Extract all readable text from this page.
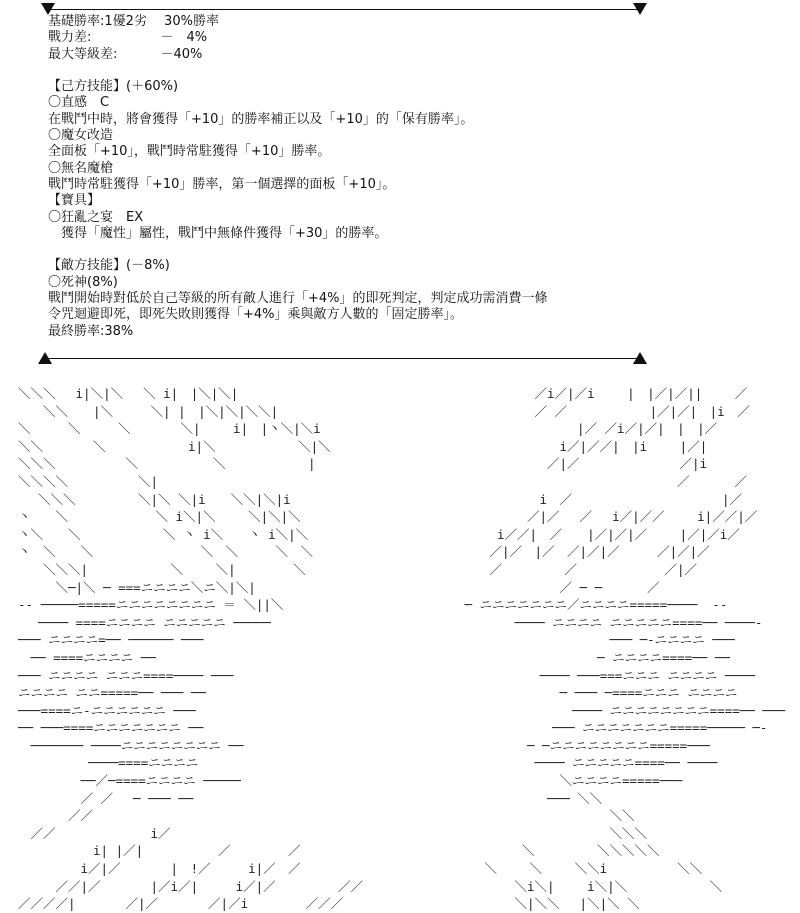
基礎勝率:1優2劣　 30%勝率
戰力差:　　　　　 －　4%
最大等級差:　　　 －40%
【己方技能】(＋60%)
〇直感　C
在戰鬥中時，將會獲得「+10」的勝率補正以及「+10」的「保有勝率」。
〇魔女改造
全面板「+10」，戰鬥時常駐獲得「+10」勝率。
〇無名魔槍
戰鬥時常駐獲得「+10」勝率，第一個選擇的面板「+10」。
【寶具】
〇狂亂之宴　EX
　獲得「魔性」屬性，戰鬥中無條件獲得「+30」的勝率。
【敵方技能】(－8%)
〇死神(8%)
戰鬥開始時對低於自己等級的所有敵人進行「+4%」的即死判定，判定成功需消費一條
令咒迴避即死，即死失敗則獲得「+4%」乘與敵方人數的「固定勝率」。
最終勝率:38%
＼＼＼　 i|＼|＼　 ＼ i|　|＼|＼|
　　＼＼　　|＼　　　＼| |　|＼|＼|＼＼|
＼　　　＼　　　＼　　　　＼|　　 i|　|丶＼|＼i
＼＼　　　　＼　　　　　　 i|＼　　　　　　 ＼|＼
＼＼＼　　　　　 ＼　　　　　　＼　　　　　　 |
＼＼＼＼　　　　　 ＼|
　 ＼＼＼　　　　　＼|＼ ＼|i　　＼＼|＼|i
丶　　＼　　　　　　　＼ i＼|＼　　 ＼|＼|＼
丶＼　　＼　　　　　　 ＼ 丶 i＼　　丶 i＼|＼
丶　＼　　＼　　　　　　　　 ＼　＼　　　＼　＼
　　＼＼＼|　　　　　　 ＼　　 ＼|　　　　 ＼
　　　＼─|＼ ─ ===ニニニニ＼ニ＼|＼|
-- ─────=====ニニニニニニニニ ＝ ＼||＼
　 ──── ====ニニニニ ニニニニニ ─────
─── ニニニニ=── ────── ───
　── ====ニニニニ ──
─── ニニニニ ニニニ====──── ───
ニニニニ ニニ=====── ─── ──
───====ニ-ニニニニニニ ───
── ───====ニニニニニニニ ──
　─────── ────ニニニニニニニニ ──
　　　　　 ────====ニニニニ
　　　　　──／─====ニニニニ ─────
　　　　　／ ／ 　─ ─── ──
　　　　／／
　／／　　　　　　　 i／
　　　　　　i| |／|　　　　　　／　　　　 ／
　　　　　i／|／　　　　|　!／　　　i|／　／
　　　／／|／　　　　|／i／|　　　i／|／　　　　　／／
／／／／|　　　　／|／　　　　／|／i　　　　 ／／／
　　　　　　 ／i／|／i　　 |　|／|／||　　 ／
　　　　　　 ／ ／　　　　　　 |／|／|　|i　／
　　　　　　　　　　|／ ／i／|／|　|　|／
　　　　　　　　 i／|／／|　|i　　 |／|
　　　　　　　 ／|／　　　　　　　　／|i
　　　　　　　　　　　　　　　　　　／　　　 ／
　　　　　　　i　／　　　　　　　　　　　　|／
　　　　　　／|／ 　／　 i／|／／　　 i|／／|／
　　　 i／／|　／　　|／|／|／　　 |／|／i／
　　　／|／　|／　／|／|／　　　／|／|／
　　　／　　　　　／　　　　　　　／|／
　　　　　　　　 ／ ─ ─　　　 ／
　─ ニニニニニニニ／ニニニニ=====────  --
　　　　　──── ニニニニ ニニニニニ====── ────-
　　　　　　　　　　　　 ─── ─-ニニニニ ───
　　　　　　　　　　　 ─ ニニニニ====── ──
　　　　　　　──── ───===ニニニ ニニニニ ────
　　　　　　　　 ─ ─── ─====ニニニ ニニニニ
　　　　　　　　　 ──── ニニニニニニニニ====── ───
　　　　　　　　─── ニニニニニニニ=====───── ─-
　　　　　　─ ─ニニニニニニニニ=====───
　　　　　　 ──── ニニニニニ====── ────
　　　　　　　　 ＼ニニニニ=====───
　　　　　　　 ─── ＼＼　　　　
　　　　　　　　　　　　 ＼＼
　　　　　　　　　　　　 ＼＼＼
　　　　　 ＼　　　　　＼＼＼＼＼
　　 ＼　　 ＼　　 ＼＼i　　　　　 ＼＼
　　　　　＼i＼|　　 i＼|＼　　　　　　 ＼
　　　　　＼|＼＼　 |＼|＼ ＼
